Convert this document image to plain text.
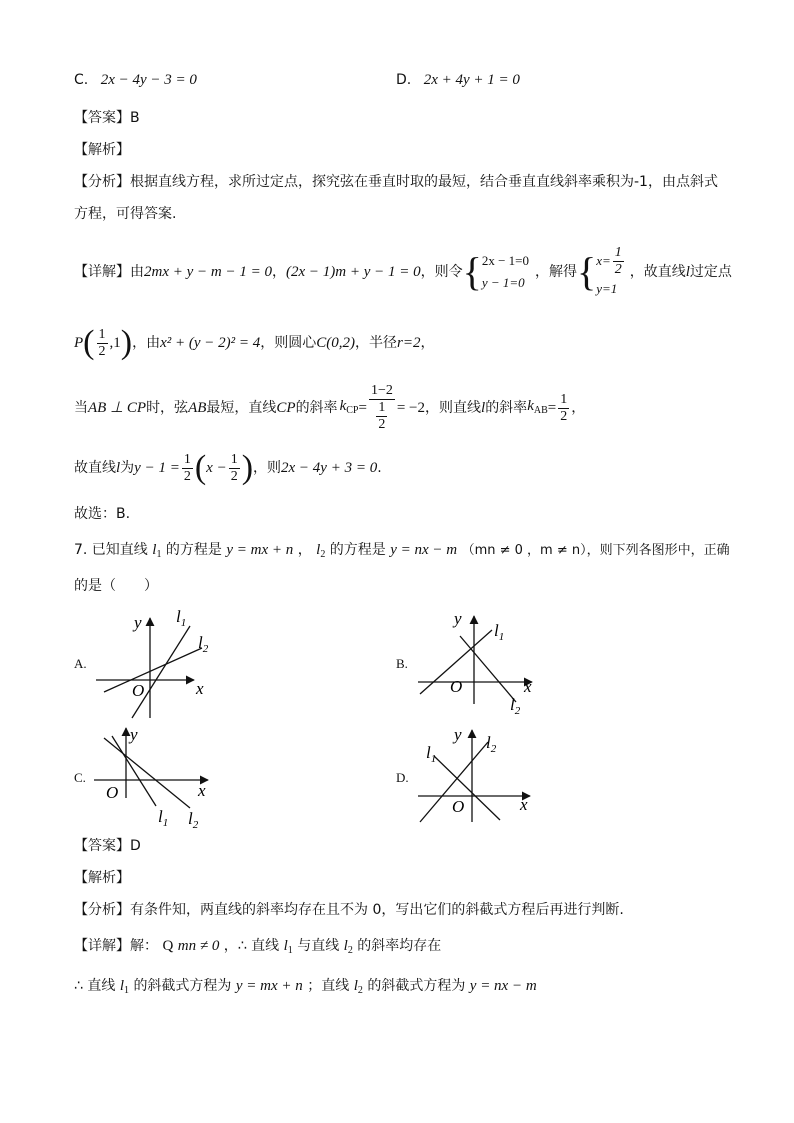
C. 2x − 4y − 3 = 0	D. 2x + 4y + 1 = 0
【答案】B
【解析】
【分析】根据直线方程，求所过定点，探究弦在垂直时取的最短，结合垂直直线斜率乘积为-1，由点斜式
方程，可得答案.
【详解】由 2mx + y − m − 1 = 0 ， (2x − 1)m + y − 1 = 0 ，则令 { 2x − 1=0
y − 1=0
，解得 { $x= \frac{1}{2}$
y=1
，故直线 l 过定点
P ( $\frac{1}{2} ,1$ ) ，由 x² + (y − 2)² = 4 ，则圆心 C(0,2) ，半径 r=2 ，
当 AB ⊥ CP 时，弦 AB 最短，直线 CP 的斜率 $k_{CP} = \frac{1-2}{\frac{1}{2}} = -2$ ，则直线 l 的斜率 $k_{AB} = \frac{1}{2}$ ，
故直线 l 为 $y - 1 = \frac{1}{2}$ ( $x - \frac{1}{2}$ ) ，则 2x − 4y + 3 = 0 .
故选：B.
7. 已知直线 $l_1$ 的方程是 y = mx + n ， $l_2$ 的方程是 y = nx − m （mn ≠ 0 ，m ≠ n），则下列各图形中，正确
的是（　　）
A.	B.
C.	D.
y
x
O
$l_1$
$l_2$
y
x
O
$l_1$
$l_2$
y
x
O
$l_1$ $l_2$
y
x
O
$l_1$
$l_2$
【答案】D
【解析】
【分析】有条件知，两直线的斜率均存在且不为 0，写出它们的斜截式方程后再进行判断.
【详解】解： Q mn ≠ 0 ，∴ 直线 $l_1$ 与直线 $l_2$ 的斜率均存在
∴ 直线 $l_1$ 的斜截式方程为 y = mx + n ；直线 $l_2$ 的斜截式方程为 y = nx − m
